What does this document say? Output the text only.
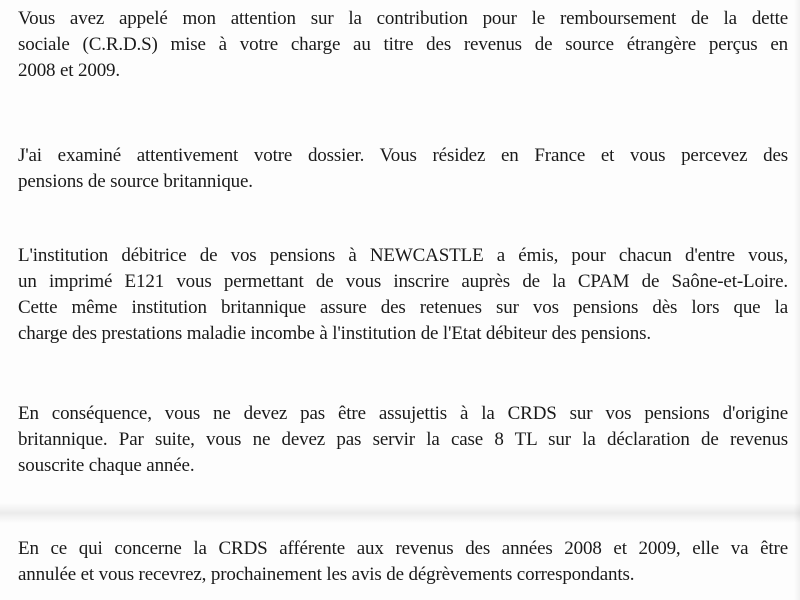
Vous avez appelé mon attention sur la contribution pour le remboursement de la dette
sociale (C.R.D.S) mise à votre charge au titre des revenus de source étrangère perçus en
2008 et 2009.

J'ai examiné attentivement votre dossier. Vous résidez en France et vous percevez des
pensions de source britannique.

L'institution débitrice de vos pensions à NEWCASTLE a émis, pour chacun d'entre vous,
un imprimé E121 vous permettant de vous inscrire auprès de la CPAM de Saône-et-Loire.
Cette même institution britannique assure des retenues sur vos pensions dès lors que la
charge des prestations maladie incombe à l'institution de l'Etat débiteur des pensions.

En conséquence, vous ne devez pas être assujettis à la CRDS sur vos pensions d'origine
britannique. Par suite, vous ne devez pas servir la case 8 TL sur la déclaration de revenus
souscrite chaque année.

En ce qui concerne la CRDS afférente aux revenus des années 2008 et 2009, elle va être
annulée et vous recevrez, prochainement les avis de dégrèvements correspondants.
